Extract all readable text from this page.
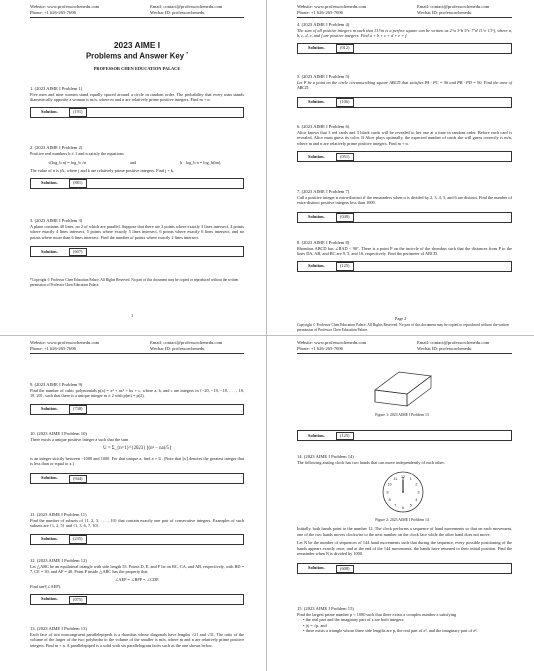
Website: www.professorchenedu.com
Phone: +1 626-265-7696
Email: contact@professorchenedu.com
Wechat ID: professorchenedu
2023 AIME I
Problems and Answer Key *
PROFESSOR CHEN EDUCATION PALACE
1. (2023 AIME I Problem 1)
Five men and nine women stand equally spaced around a circle in random order. The probability that every man stands diametrically opposite a woman is m/n, where m and n are relatively prime positive integers. Find m + n.
Solution.	(191)
2. (2023 AIME I Problem 2)
Positive real numbers b ≠ 1 and n satisfy the equations
√(log_b n) = log_b √n	and	b · log_b n = log_b(bn).
The value of n is j/k, where j and k are relatively prime positive integers. Find j + k.
Solution.	(881)
3. (2023 AIME I Problem 3)
A plane contains 40 lines, no 2 of which are parallel. Suppose that there are 3 points where exactly 3 lines intersect, 4 points where exactly 4 lines intersect, 5 points where exactly 5 lines intersect, 6 points where exactly 6 lines intersect, and no points where more than 6 lines intersect. Find the number of points where exactly 2 lines intersect.
Solution.	(607)
*Copyright © Professor Chen Education Palace. All Rights Reserved. No part of this document may be copied or reproduced without the written permission of Professor Chen Education Palace.
1
Website: www.professorchenedu.com
Phone: +1 626-265-7696
Email: contact@professorchenedu.com
Wechat ID: professorchenedu
4. (2023 AIME I Problem 4)
The sum of all positive integers m such that 13!/m is a perfect square can be written as 2^a 3^b 5^c 7^d 11^e 13^f, where a, b, c, d, e, and f are positive integers. Find a + b + c + d + e + f.
Solution.	(012)
5. (2023 AIME I Problem 5)
Let P be a point on the circle circumscribing square ABCD that satisfies PA · PC = 56 and PB · PD = 90. Find the area of ABCD.
Solution.	(106)
6. (2023 AIME I Problem 6)
Alice knows that 3 red cards and 3 black cards will be revealed to her one at a time in random order. Before each card is revealed, Alice must guess its color. If Alice plays optimally, the expected number of cards she will guess correctly is m/n, where m and n are relatively prime positive integers. Find m + n.
Solution.	(051)
7. (2023 AIME I Problem 7)
Call a positive integer n extra-distinct if the remainders when n is divided by 2, 3, 4, 5, and 6 are distinct. Find the number of extra-distinct positive integers less than 1000.
Solution.	(049)
8. (2023 AIME I Problem 8)
Rhombus ABCD has ∠BAD < 90°. There is a point P on the incircle of the rhombus such that the distances from P to the lines DA, AB, and BC are 9, 5, and 16, respectively. Find the perimeter of ABCD.
Solution.	(125)
Page 2
Copyright © Professor Chen Education Palace. All Rights Reserved. No part of this document may be copied or reproduced without the written permission of Professor Chen Education Palace.
Website: www.professorchenedu.com
Phone: +1 626-265-7696
Email: contact@professorchenedu.com
Wechat ID: professorchenedu
9. (2023 AIME I Problem 9)
Find the number of cubic polynomials p(x) = x³ + ax² + bx + c, where a, b, and c are integers in {−20, −19, −18, . . . , 18, 19, 20}, such that there is a unique integer m ≠ 2 with p(m) = p(2).
Solution.	(738)
10. (2023 AIME I Problem 10)
There exists a unique positive integer a such that the sum
U = Σ_{n=1}^{2023} ⌊(n² − na)/5⌋
is an integer strictly between −1000 and 1000. For that unique a, find a + U. (Note that ⌊x⌋ denotes the greatest integer that is less than or equal to x.)
Solution.	(944)
11. (2023 AIME I Problem 11)
Find the number of subsets of {1, 2, 3, . . . , 10} that contain exactly one pair of consecutive integers. Examples of such subsets are {1, 2, 5} and {1, 3, 6, 7, 10}.
Solution.	(235)
12. (2023 AIME I Problem 12)
Let △ABC be an equilateral triangle with side length 55. Points D, E, and F lie on BC, CA, and AB, respectively, with BD = 7, CE = 30, and AF = 40. Point P inside △ABC has the property that
∠AEP = ∠BFP = ∠CDP.
Find tan²(∠AEP).
Solution.	(075)
13. (2023 AIME I Problem 13)
Each face of two noncongruent parallelepipeds is a rhombus whose diagonals have lengths √21 and √31. The ratio of the volume of the larger of the two polyhedra to the volume of the smaller is m/n, where m and n are relatively prime positive integers. Find m + n. A parallelepiped is a solid with six parallelogram faces such as the one shown below.
Website: www.professorchenedu.com
Phone: +1 626-265-7696
Email: contact@professorchenedu.com
Wechat ID: professorchenedu
Figure 1: 2023 AIME I Problem 13
Solution.	(125)
14. (2023 AIME I Problem 14)
The following analog clock has two hands that can move independently of each other.
12
1
2
3
4
5
6
7
8
9
10
11
Figure 2: 2023 AIME I Problem 14
Initially, both hands point to the number 12. The clock performs a sequence of hand movements so that on each movement, one of the two hands moves clockwise to the next number on the clock face while the other hand does not move.
Let N be the number of sequences of 144 hand movements such that during the sequence, every possible positioning of the hands appears exactly once, and at the end of the 144 movements, the hands have returned to their initial position. Find the remainder when N is divided by 1000.
Solution.	(608)
15. (2023 AIME I Problem 15)
Find the largest prime number p < 1000 such that there exists a complex number z satisfying
• the real part and the imaginary part of z are both integers;
• |z| = √p, and
• there exists a triangle whose three side lengths are p, the real part of z³, and the imaginary part of z².
